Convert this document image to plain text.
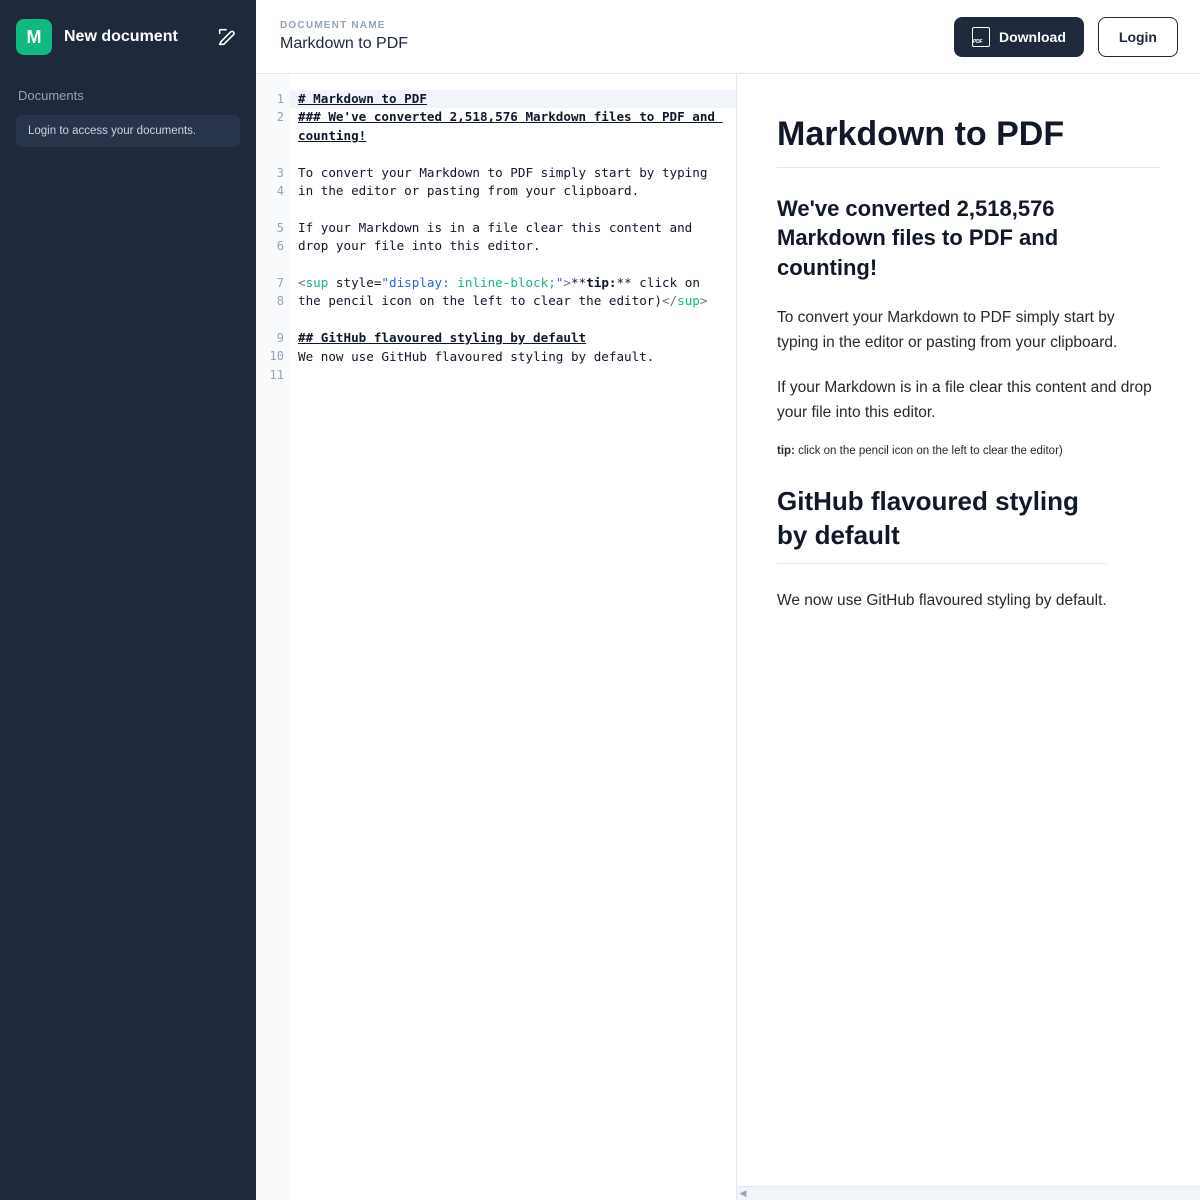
M New document
Documents
Login to access your documents.
DOCUMENT NAME
Markdown to PDF	PDF Download	Login
1
2
3
4
5
6
7
8
9
10
11
# Markdown to PDF
### We've converted 2,518,576 Markdown files to PDF and counting!

To convert your Markdown to PDF simply start by typing in the editor or pasting from your clipboard.

If your Markdown is in a file clear this content and drop your file into this editor.

<sup style="display: inline-block;">**tip:** click on the pencil icon on the left to clear the editor)</sup>

## GitHub flavoured styling by default
We now use GitHub flavoured styling by default.
Markdown to PDF
We've converted 2,518,576 Markdown files to PDF and counting!

To convert your Markdown to PDF simply start by typing in the editor or pasting from your clipboard.

If your Markdown is in a file clear this content and drop your file into this editor.

tip: click on the pencil icon on the left to clear the editor)
GitHub flavoured styling by default

We now use GitHub flavoured styling by default.

◀
